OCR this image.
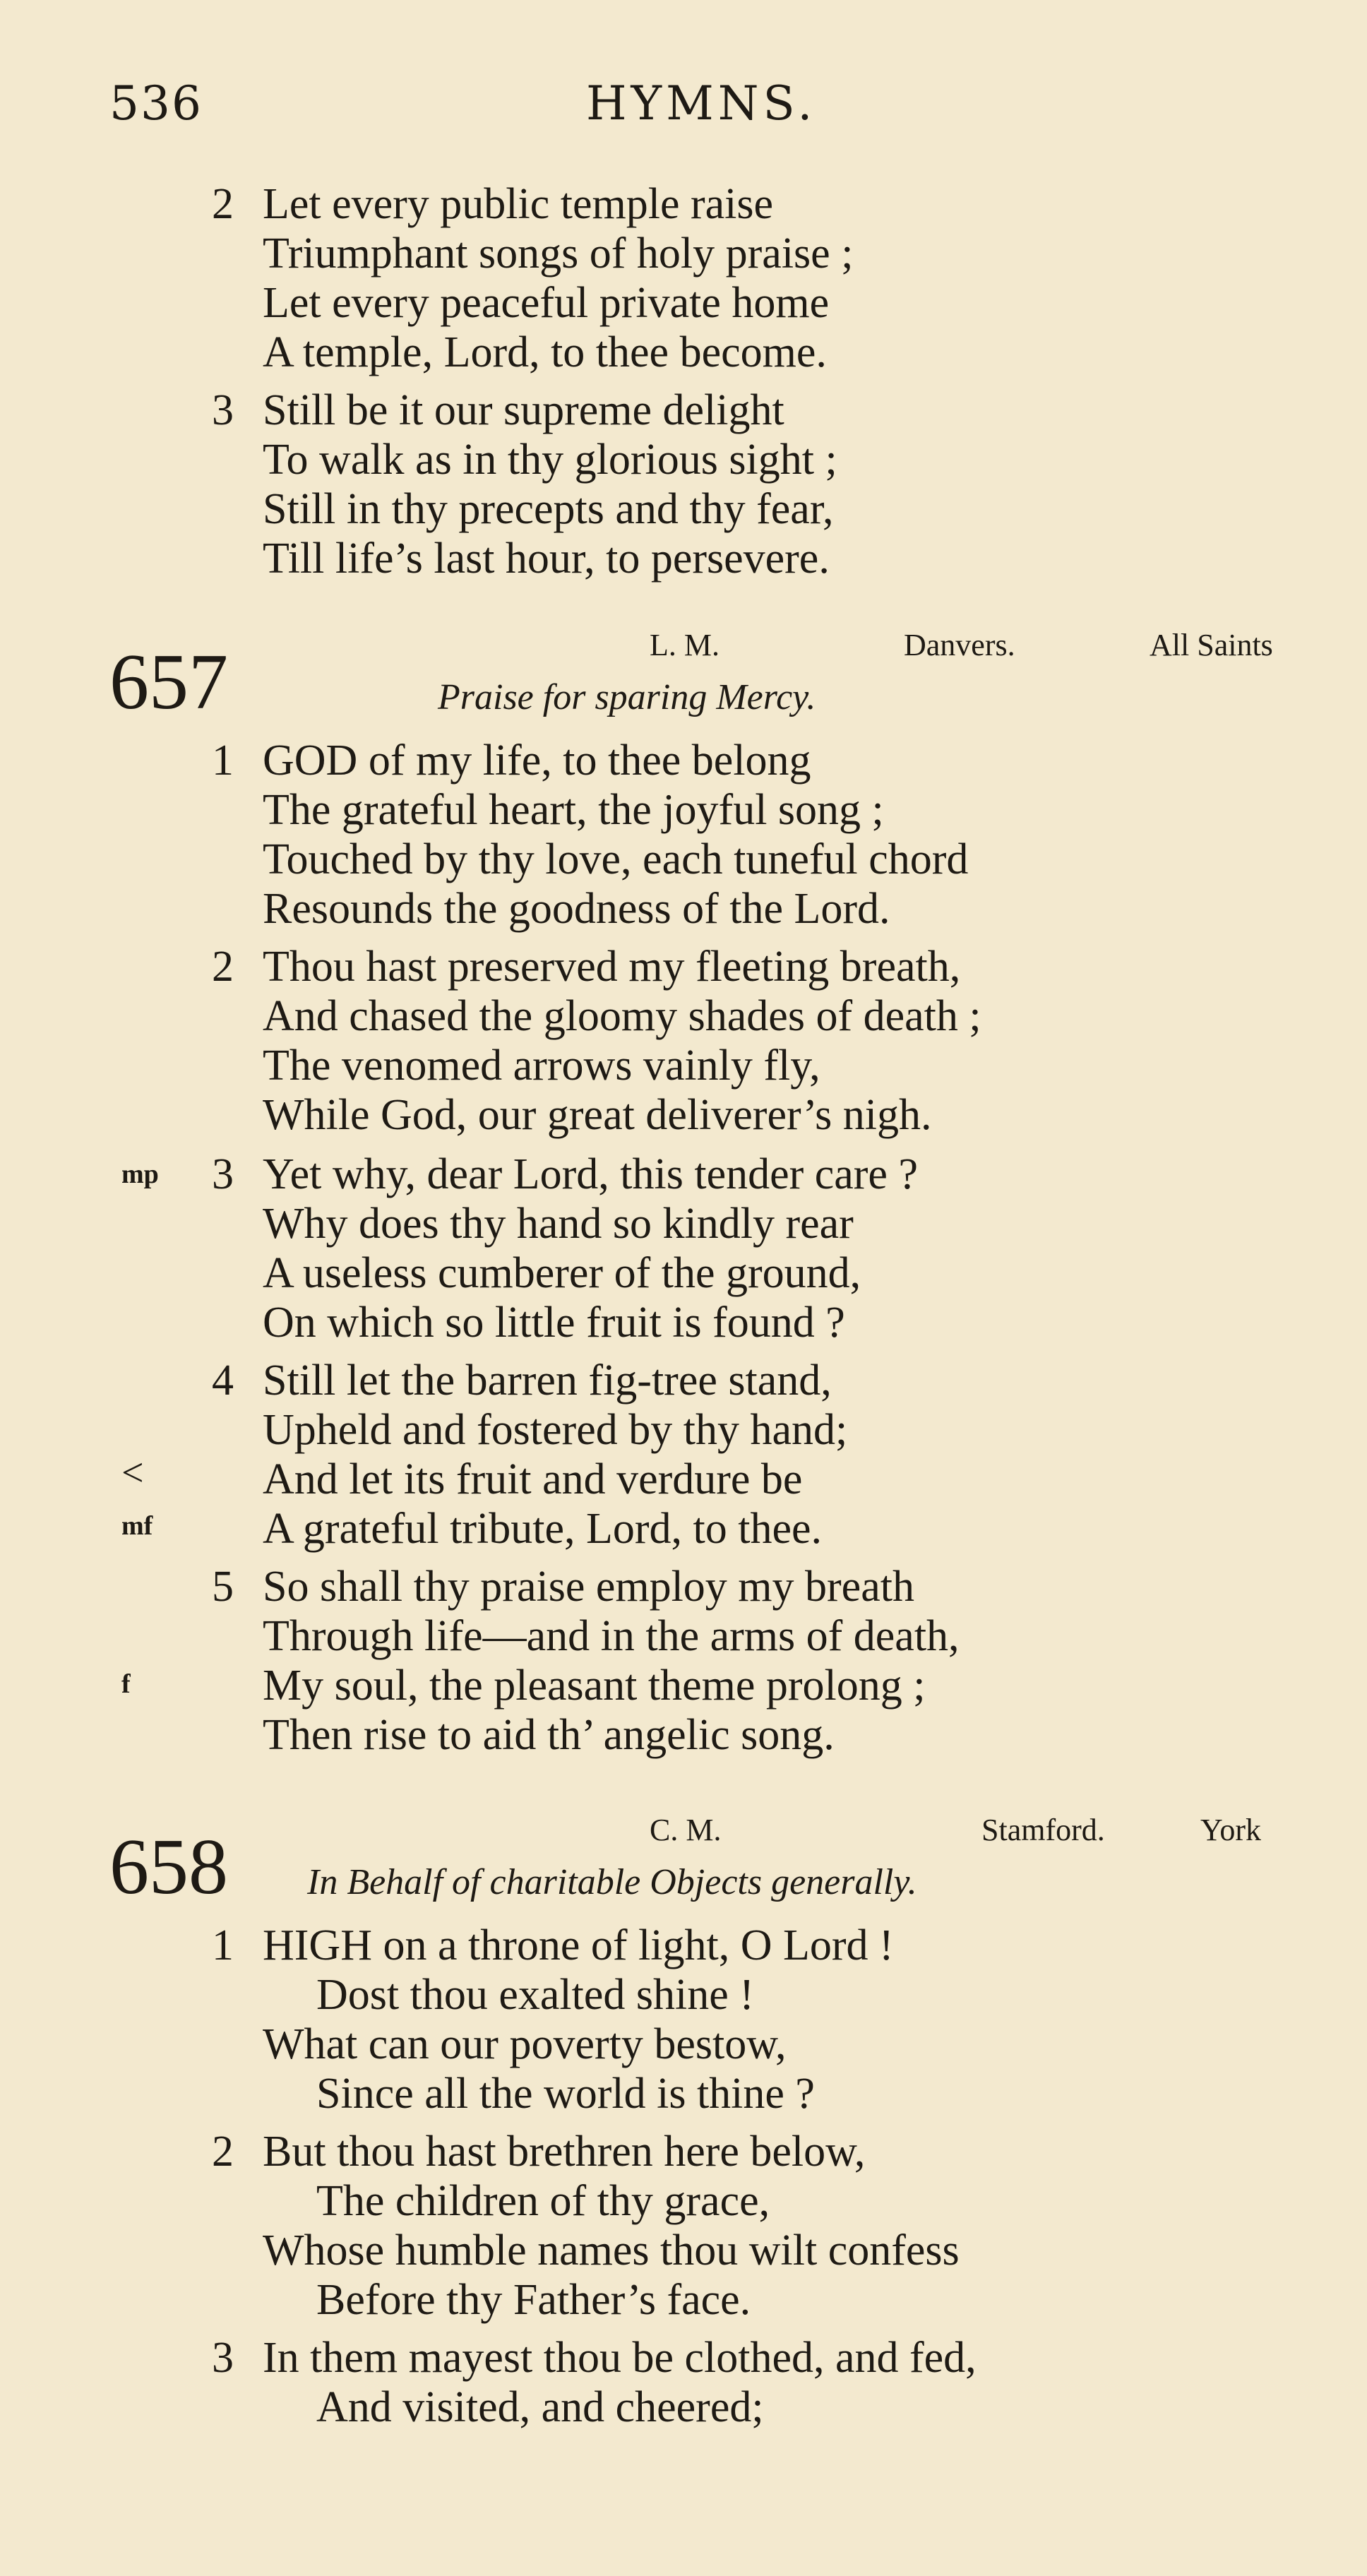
536	HYMNS.
2 Let every public temple raise
Triumphant songs of holy praise ;
Let every peaceful private home
A temple, Lord, to thee become.
3 Still be it our supreme delight
To walk as in thy glorious sight ;
Still in thy precepts and thy fear,
Till life’s last hour, to persevere.
L. M.	Danvers.	All Saints
657	Praise for sparing Mercy.
1 GOD of my life, to thee belong
The grateful heart, the joyful song ;
Touched by thy love, each tuneful chord
Resounds the goodness of the Lord.
2 Thou hast preserved my fleeting breath,
And chased the gloomy shades of death ;
The venomed arrows vainly fly,
While God, our great deliverer’s nigh.
mp 3 Yet why, dear Lord, this tender care ?
Why does thy hand so kindly rear
A useless cumberer of the ground,
On which so little fruit is found ?
4 Still let the barren fig-tree stand,
Upheld and fostered by thy hand;
<	And let its fruit and verdure be
mf	A grateful tribute, Lord, to thee.
5 So shall thy praise employ my breath
Through life—and in the arms of death,
f	My soul, the pleasant theme prolong ;
Then rise to aid th’ angelic song.
C. M.	Stamford.	York
658 In Behalf of charitable Objects generally.
1 HIGH on a throne of light, O Lord !
Dost thou exalted shine !
What can our poverty bestow,
Since all the world is thine ?
2 But thou hast brethren here below,
The children of thy grace,
Whose humble names thou wilt confess
Before thy Father’s face.
3 In them mayest thou be clothed, and fed,
And visited, and cheered;
